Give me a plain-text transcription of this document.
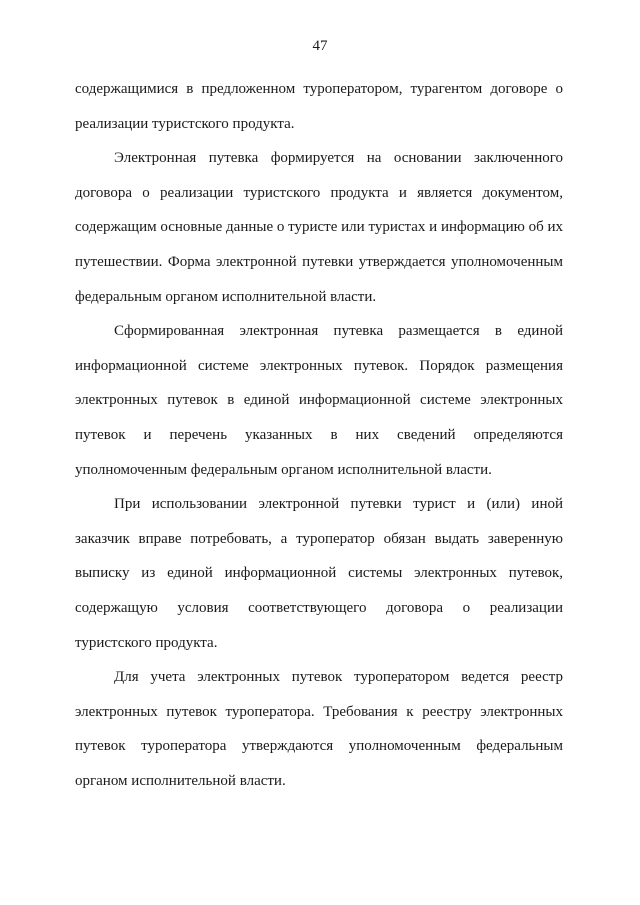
47

содержащимися в предложенном туроператором, турагентом договоре о реализации туристского продукта.

Электронная путевка формируется на основании заключенного договора о реализации туристского продукта и является документом, содержащим основные данные о туристе или туристах и информацию об их путешествии. Форма электронной путевки утверждается уполномоченным федеральным органом исполнительной власти.

Сформированная электронная путевка размещается в единой информационной системе электронных путевок. Порядок размещения электронных путевок в единой информационной системе электронных путевок и перечень указанных в них сведений определяются уполномоченным федеральным органом исполнительной власти.

При использовании электронной путевки турист и (или) иной заказчик вправе потребовать, а туроператор обязан выдать заверенную выписку из единой информационной системы электронных путевок, содержащую условия соответствующего договора о реализации туристского продукта.

Для учета электронных путевок туроператором ведется реестр электронных путевок туроператора. Требования к реестру электронных путевок туроператора утверждаются уполномоченным федеральным органом исполнительной власти.
